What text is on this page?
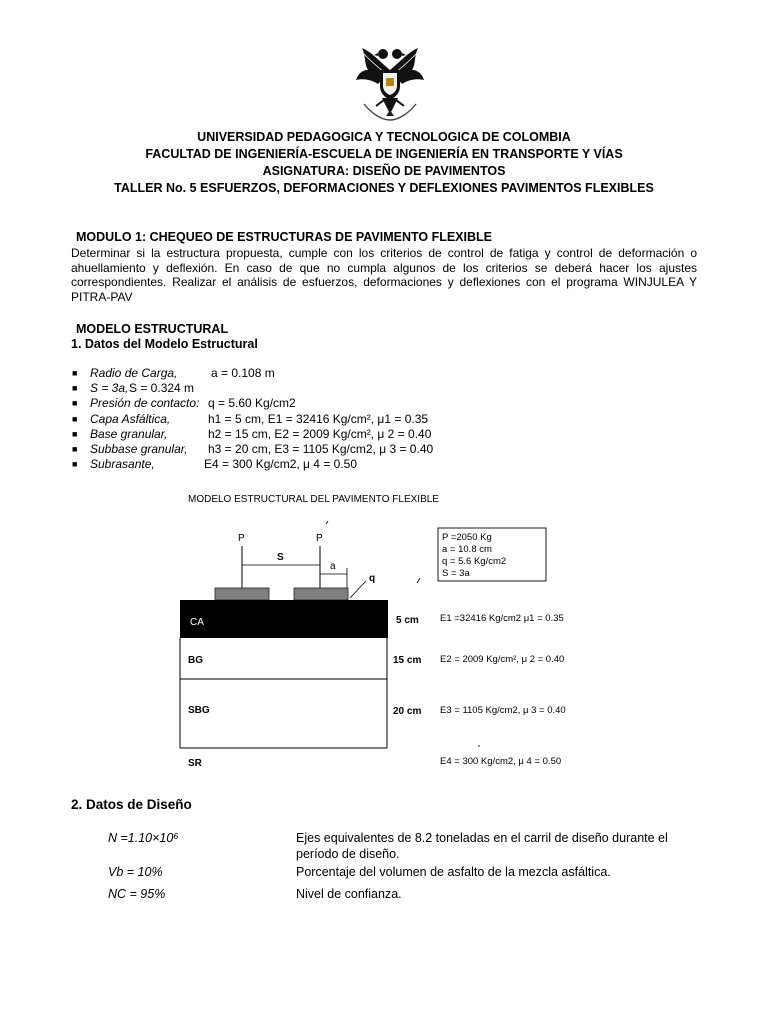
UNIVERSIDAD PEDAGOGICA Y TECNOLOGICA DE COLOMBIA
FACULTAD DE INGENIERÍA-ESCUELA DE INGENIERÍA EN TRANSPORTE Y VÍAS
ASIGNATURA: DISEÑO DE PAVIMENTOS
TALLER No. 5 ESFUERZOS, DEFORMACIONES Y DEFLEXIONES PAVIMENTOS FLEXIBLES
MODULO 1: CHEQUEO DE ESTRUCTURAS DE PAVIMENTO FLEXIBLE
Determinar si la estructura propuesta, cumple con los criterios de control de fatiga y control de deformación o ahuellamiento y deflexión. En caso de que no cumpla algunos de los criterios se deberá hacer los ajustes correspondientes. Realizar el análisis de esfuerzos, deformaciones y deflexiones con el programa WINJULEA Y PITRA-PAV
MODELO ESTRUCTURAL
1. Datos del Modelo Estructural
■ Radio de Carga,	a = 0.108 m
■ S = 3a,S = 0.324 m
■ Presión de contacto: q = 5.60 Kg/cm2
■ Capa Asfáltica,	h1 = 5 cm, E1 = 32416 Kg/cm², μ1 = 0.35
■ Base granular,	h2 = 15 cm, E2 = 2009 Kg/cm², μ 2 = 0.40
■ Subbase granular, h3 = 20 cm, E3 = 1105 Kg/cm2, μ 3 = 0.40
■ Subrasante,	E4 = 300 Kg/cm2, μ 4 = 0.50
MODELO ESTRUCTURAL DEL PAVIMENTO FLEXIBLE
P	P
S
a
q
P =2050 Kg
a = 10.8 cm
q = 5.6 Kg/cm2
S = 3a
CA
BG
SBG
SR
5 cm
15 cm
20 cm
E1 =32416 Kg/cm2 μ1 = 0.35
E2 = 2009 Kg/cm², μ 2 = 0.40
E3 = 1105 Kg/cm2, μ 3 = 0.40
E4 = 300 Kg/cm2, μ 4 = 0.50
2. Datos de Diseño
N =1.10×10⁶	Ejes equivalentes de 8.2 toneladas en el carril de diseño durante el período de diseño.
Vb = 10%	Porcentaje del volumen de asfalto de la mezcla asfáltica.
NC = 95%	Nivel de confianza.
